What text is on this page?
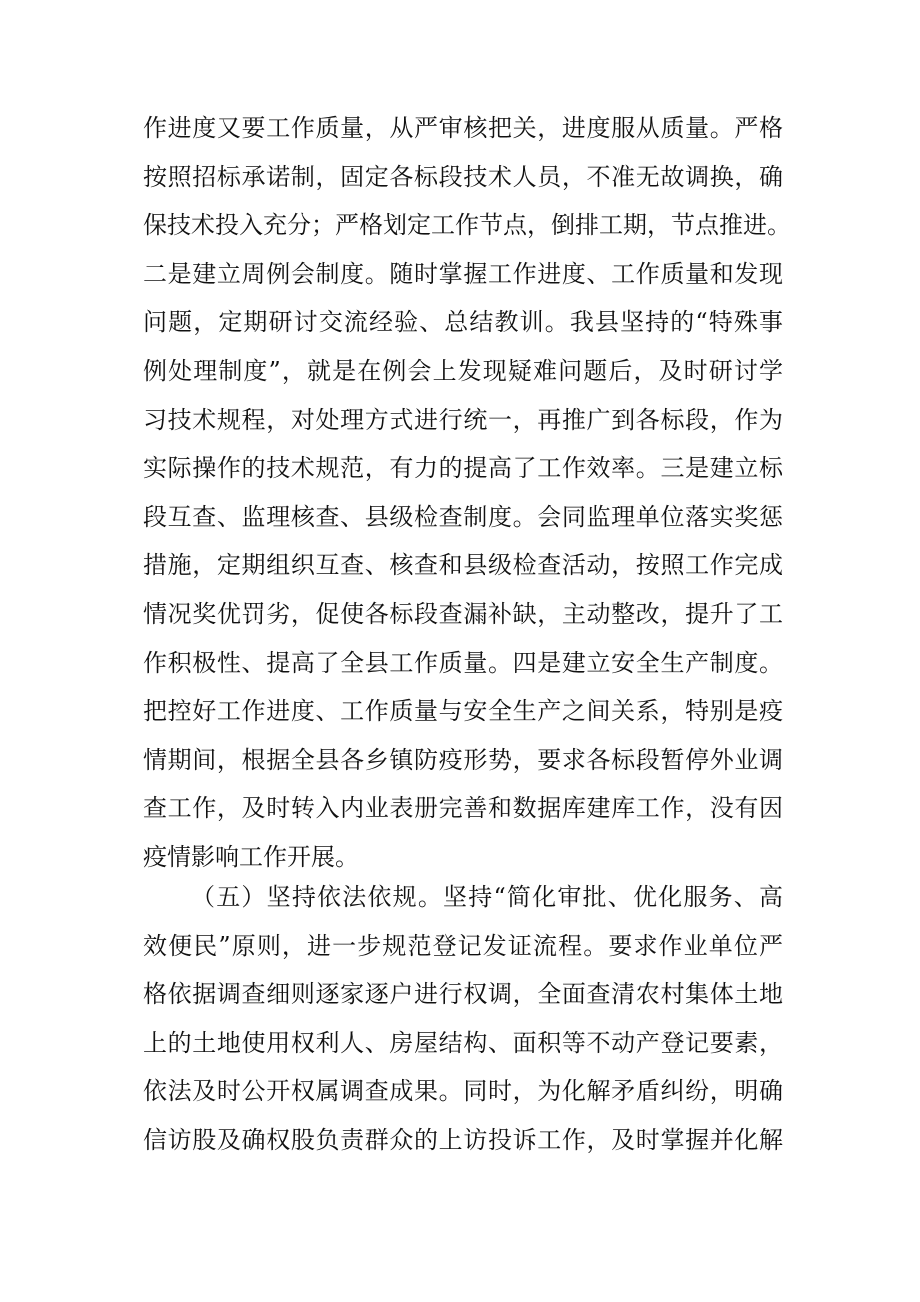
作进度又要工作质量，从严审核把关，进度服从质量。严格
按照招标承诺制，固定各标段技术人员，不准无故调换，确
保技术投入充分；严格划定工作节点，倒排工期，节点推进。
二是建立周例会制度。随时掌握工作进度、工作质量和发现
问题，定期研讨交流经验、总结教训。我县坚持的“特殊事
例处理制度”，就是在例会上发现疑难问题后，及时研讨学
习技术规程，对处理方式进行统一，再推广到各标段，作为
实际操作的技术规范，有力的提高了工作效率。三是建立标
段互查、监理核查、县级检查制度。会同监理单位落实奖惩
措施，定期组织互查、核查和县级检查活动，按照工作完成
情况奖优罚劣，促使各标段查漏补缺，主动整改，提升了工
作积极性、提高了全县工作质量。四是建立安全生产制度。
把控好工作进度、工作质量与安全生产之间关系，特别是疫
情期间，根据全县各乡镇防疫形势，要求各标段暂停外业调
查工作，及时转入内业表册完善和数据库建库工作，没有因
疫情影响工作开展。
（五）坚持依法依规。坚持“简化审批、优化服务、高
效便民”原则，进一步规范登记发证流程。要求作业单位严
格依据调查细则逐家逐户进行权调，全面查清农村集体土地
上的土地使用权利人、房屋结构、面积等不动产登记要素，
依法及时公开权属调查成果。同时，为化解矛盾纠纷，明确
信访股及确权股负责群众的上访投诉工作，及时掌握并化解
